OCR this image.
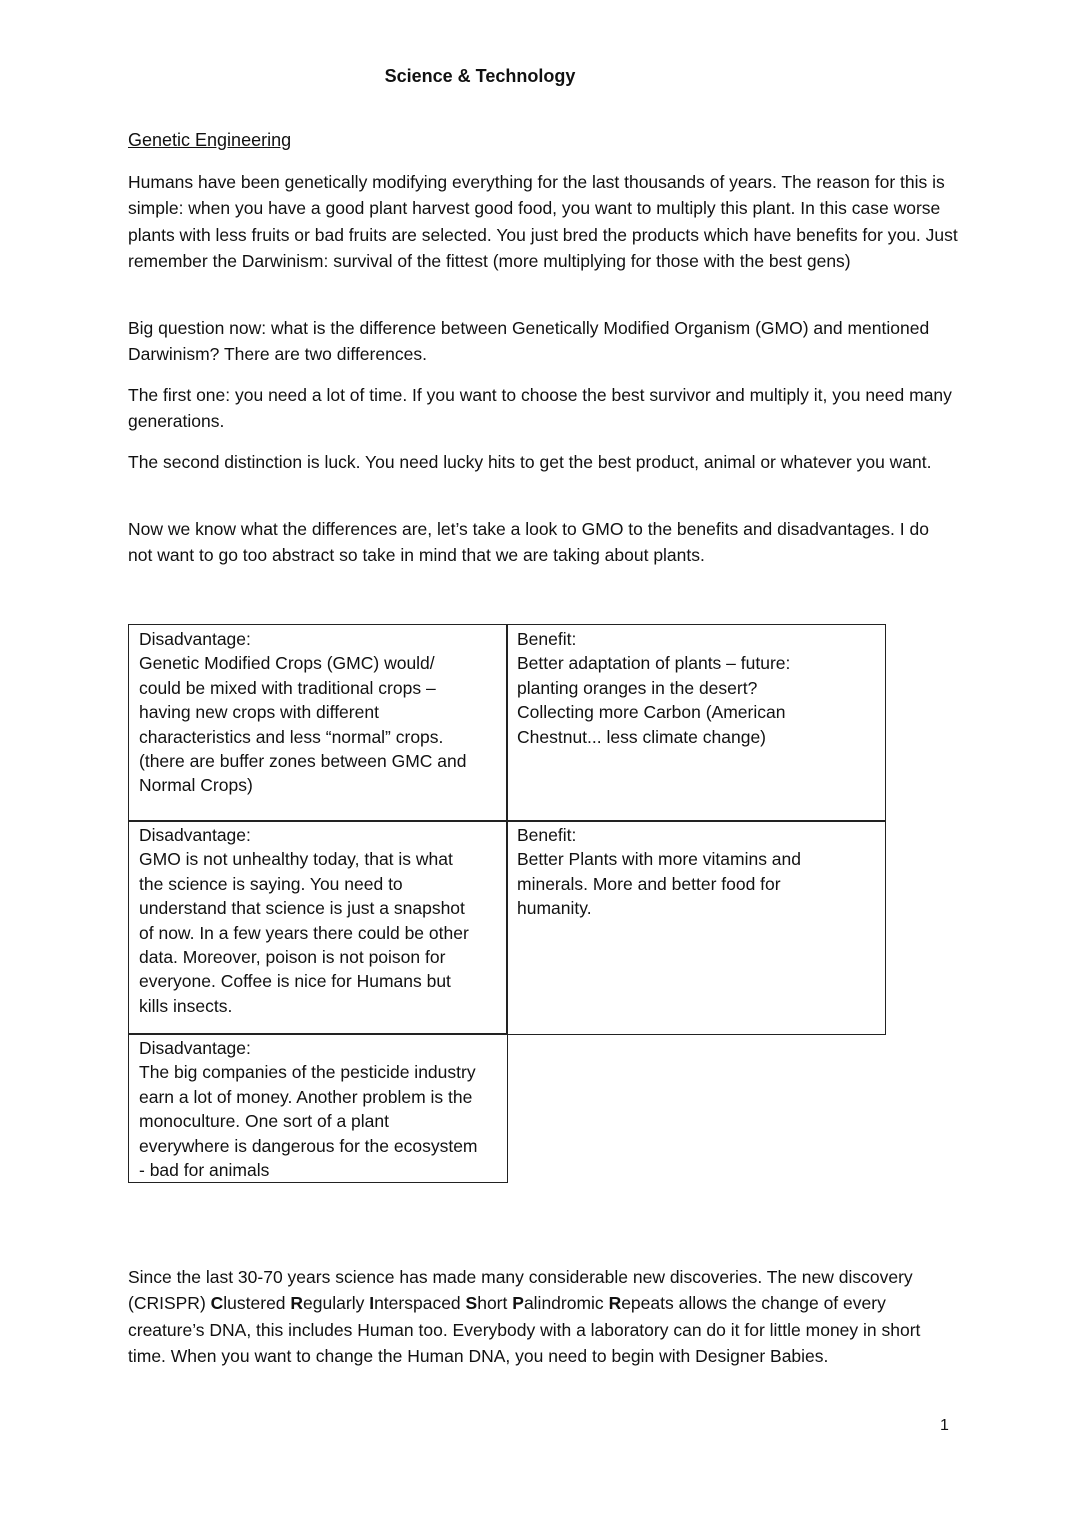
Science & Technology
Genetic Engineering

Humans have been genetically modifying everything for the last thousands of years. The reason for this is simple: when you have a good plant harvest good food, you want to multiply this plant. In this case worse plants with less fruits or bad fruits are selected. You just bred the products which have benefits for you. Just remember the Darwinism: survival of the fittest (more multiplying for those with the best gens)

Big question now: what is the difference between Genetically Modified Organism (GMO) and mentioned Darwinism? There are two differences.

The first one: you need a lot of time. If you want to choose the best survivor and multiply it, you need many generations.

The second distinction is luck. You need lucky hits to get the best product, animal or whatever you want.

Now we know what the differences are, let’s take a look to GMO to the benefits and disadvantages. I do not want to go too abstract so take in mind that we are taking about plants.

Disadvantage:
Genetic Modified Crops (GMC) would/
could be mixed with traditional crops –
having new crops with different
characteristics and less “normal” crops.
(there are buffer zones between GMC and
Normal Crops)
Benefit:
Better adaptation of plants – future:
planting oranges in the desert?
Collecting more Carbon (American
Chestnut... less climate change)
Disadvantage:
GMO is not unhealthy today, that is what
the science is saying. You need to
understand that science is just a snapshot
of now. In a few years there could be other
data. Moreover, poison is not poison for
everyone. Coffee is nice for Humans but
kills insects.
Benefit:
Better Plants with more vitamins and
minerals. More and better food for
humanity.
Disadvantage:
The big companies of the pesticide industry
earn a lot of money. Another problem is the
monoculture. One sort of a plant
everywhere is dangerous for the ecosystem
- bad for animals

Since the last 30-70 years science has made many considerable new discoveries. The new discovery (CRISPR) Clustered Regularly Interspaced Short Palindromic Repeats allows the change of every creature’s DNA, this includes Human too. Everybody with a laboratory can do it for little money in short time. When you want to change the Human DNA, you need to begin with Designer Babies.

1
